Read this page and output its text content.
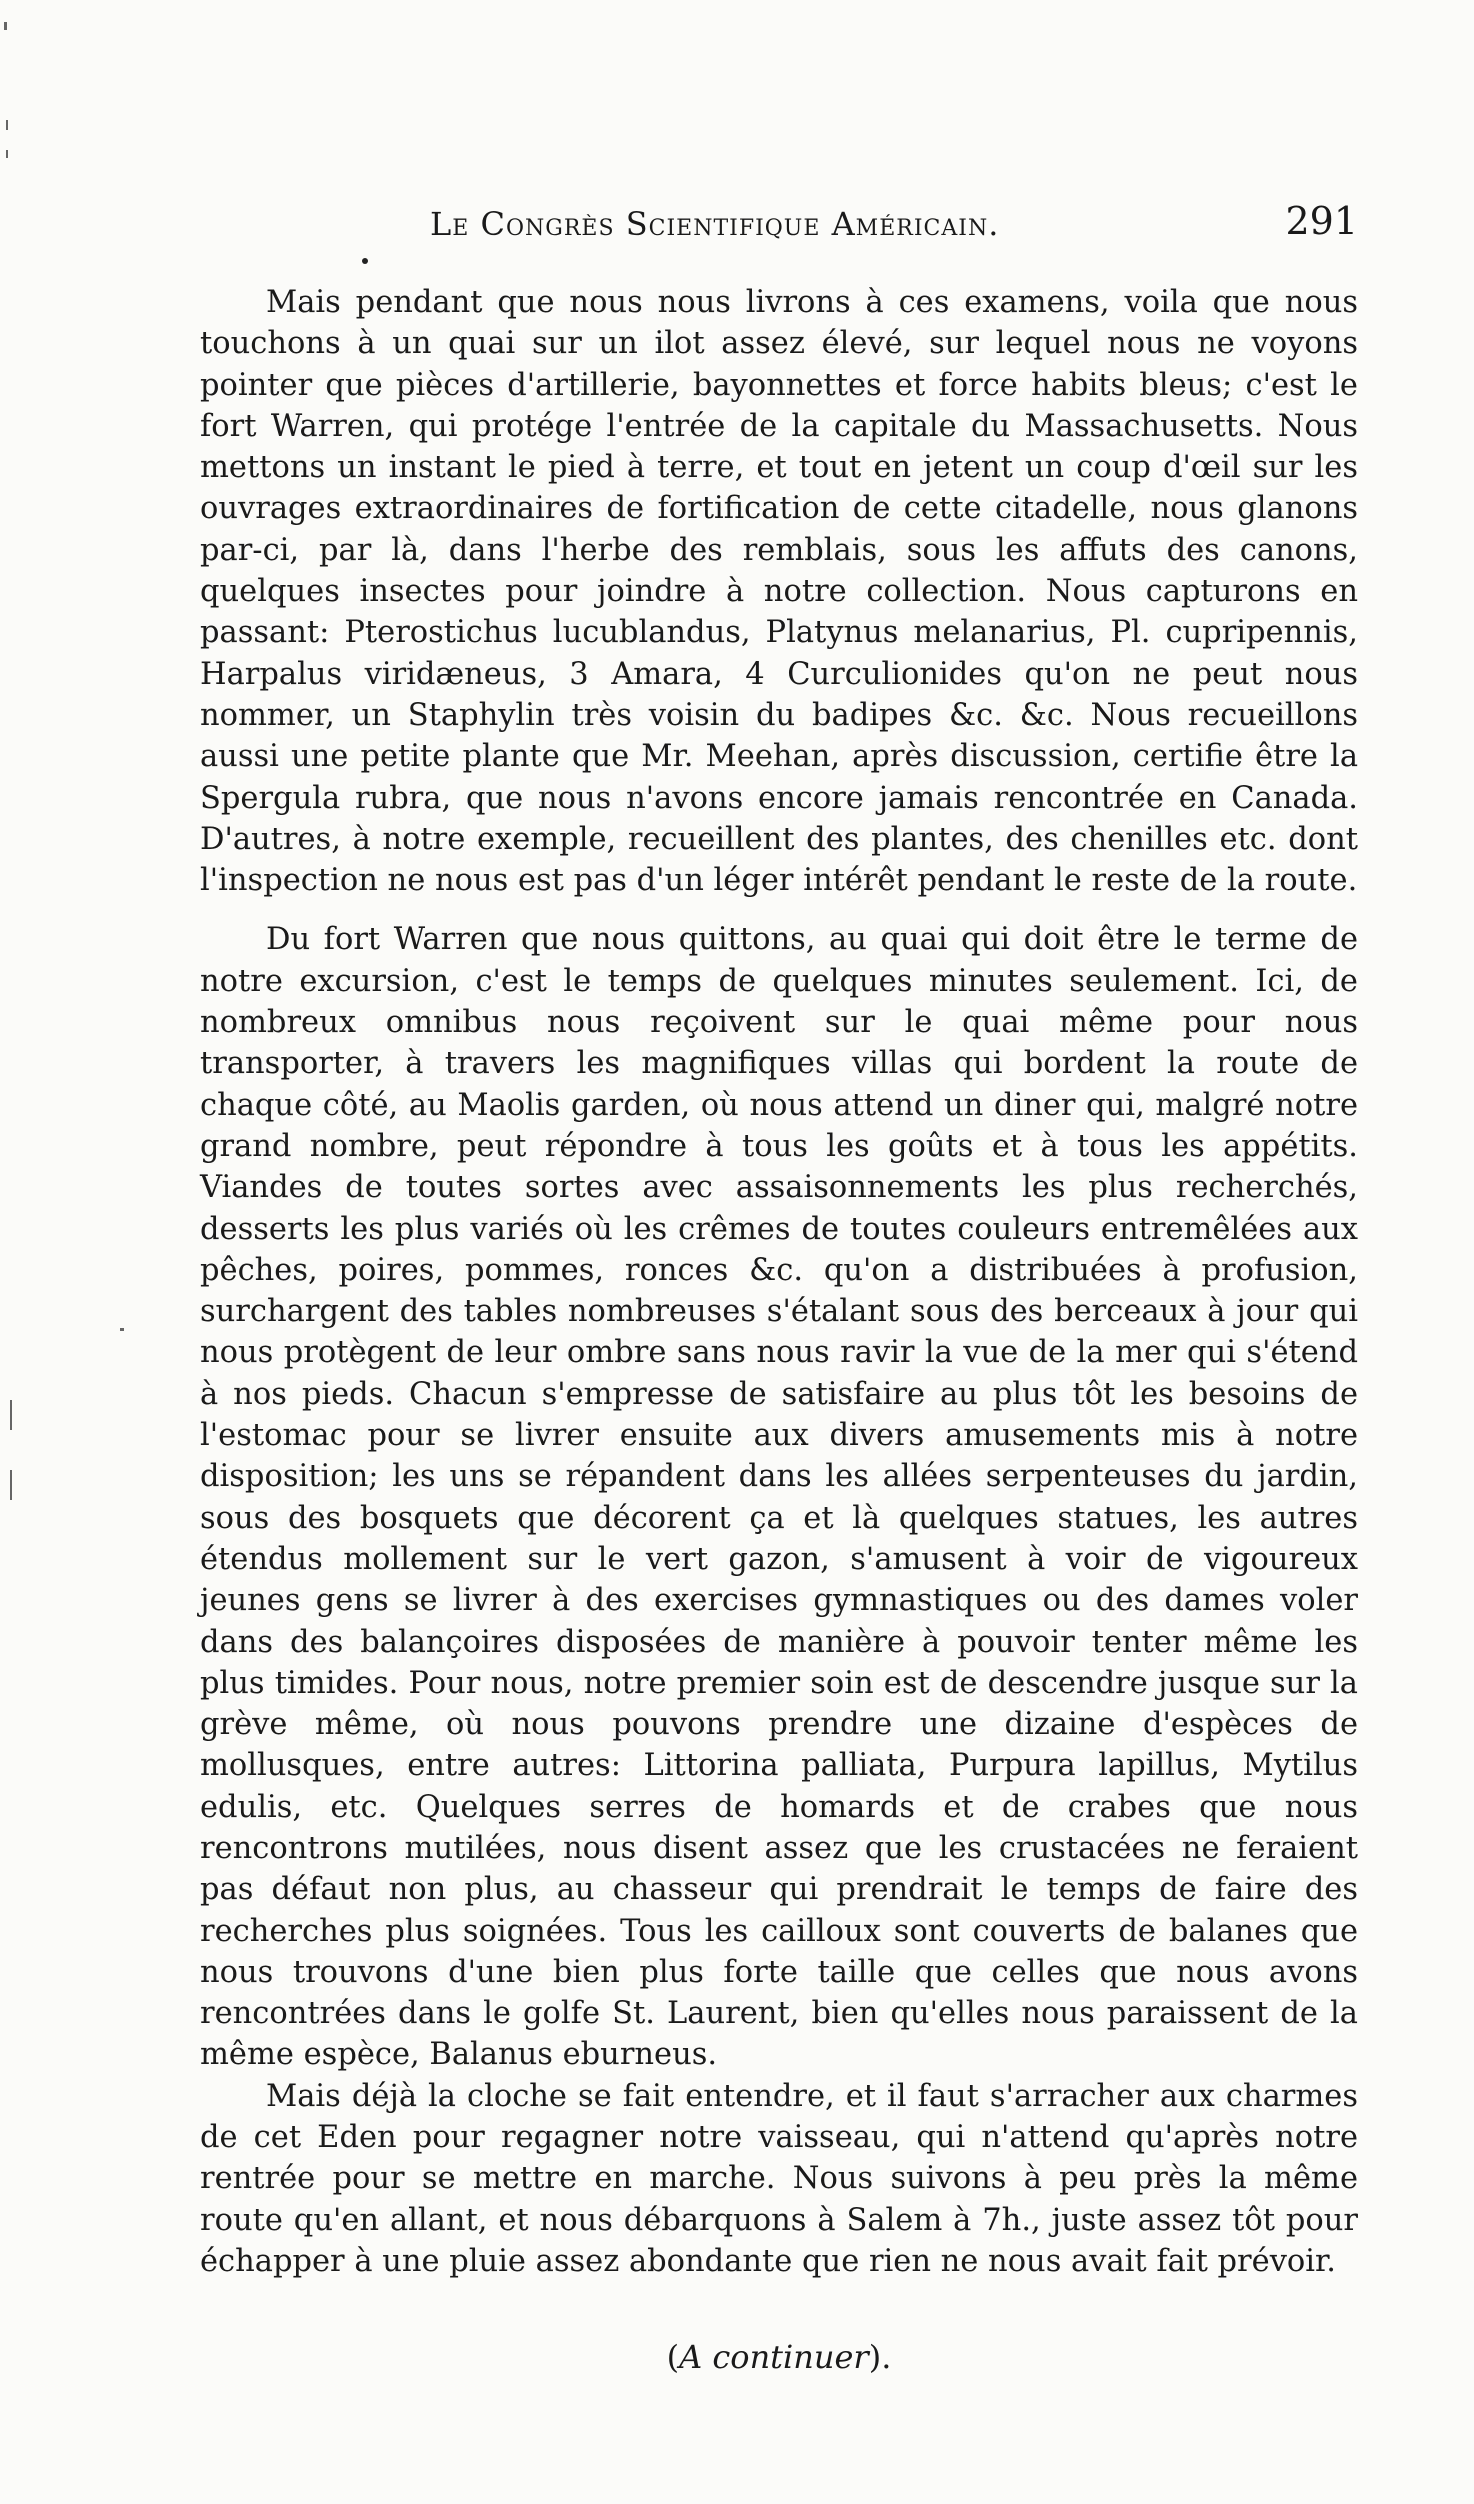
Le Congrès Scientifique Américain.	291

Mais pendant que nous nous livrons à ces examens, voila que nous touchons à un quai sur un ilot assez élevé, sur lequel nous ne voyons pointer que pièces d'artillerie, bayonnettes et force habits bleus; c'est le fort Warren, qui protége l'entrée de la capitale du Massachusetts. Nous mettons un instant le pied à terre, et tout en jetent un coup d'œil sur les ouvrages extraordinaires de fortification de cette citadelle, nous glanons par-ci, par là, dans l'herbe des remblais, sous les affuts des canons, quelques insectes pour joindre à notre collection. Nous capturons en passant: Pterostichus lucublandus, Platynus melanarius, Pl. cupripennis, Harpalus viridæneus, 3 Amara, 4 Curculionides qu'on ne peut nous nommer, un Staphylin très voisin du badipes &c. &c. Nous recueillons aussi une petite plante que Mr. Meehan, après discussion, certifie être la Spergula rubra, que nous n'avons encore jamais rencontrée en Canada. D'autres, à notre exemple, recueillent des plantes, des chenilles etc. dont l'inspection ne nous est pas d'un léger intérêt pendant le reste de la route.

Du fort Warren que nous quittons, au quai qui doit être le terme de notre excursion, c'est le temps de quelques minutes seulement. Ici, de nombreux omnibus nous reçoivent sur le quai même pour nous transporter, à travers les magnifiques villas qui bordent la route de chaque côté, au Maolis garden, où nous attend un diner qui, malgré notre grand nombre, peut répondre à tous les goûts et à tous les appétits. Viandes de toutes sortes avec assaisonnements les plus recherchés, desserts les plus variés où les crêmes de toutes couleurs entremêlées aux pêches, poires, pommes, ronces &c. qu'on a distribuées à profusion, surchargent des tables nombreuses s'étalant sous des berceaux à jour qui nous protègent de leur ombre sans nous ravir la vue de la mer qui s'étend à nos pieds. Chacun s'empresse de satisfaire au plus tôt les besoins de l'estomac pour se livrer ensuite aux divers amusements mis à notre disposition; les uns se répandent dans les allées serpenteuses du jardin, sous des bosquets que décorent ça et là quelques statues, les autres étendus mollement sur le vert gazon, s'amusent à voir de vigoureux jeunes gens se livrer à des exercises gymnastiques ou des dames voler dans des balançoires disposées de manière à pouvoir tenter même les plus timides. Pour nous, notre premier soin est de descendre jusque sur la grève même, où nous pouvons prendre une dizaine d'espèces de mollusques, entre autres: Littorina palliata, Purpura lapillus, Mytilus edulis, etc. Quelques serres de homards et de crabes que nous rencontrons mutilées, nous disent assez que les crustacées ne feraient pas défaut non plus, au chasseur qui prendrait le temps de faire des recherches plus soignées. Tous les cailloux sont couverts de balanes que nous trouvons d'une bien plus forte taille que celles que nous avons rencontrées dans le golfe St. Laurent, bien qu'elles nous paraissent de la même espèce, Balanus eburneus.

Mais déjà la cloche se fait entendre, et il faut s'arracher aux charmes de cet Eden pour regagner notre vaisseau, qui n'attend qu'après notre rentrée pour se mettre en marche. Nous suivons à peu près la même route qu'en allant, et nous débarquons à Salem à 7h., juste assez tôt pour échapper à une pluie assez abondante que rien ne nous avait fait prévoir.

(A continuer).
